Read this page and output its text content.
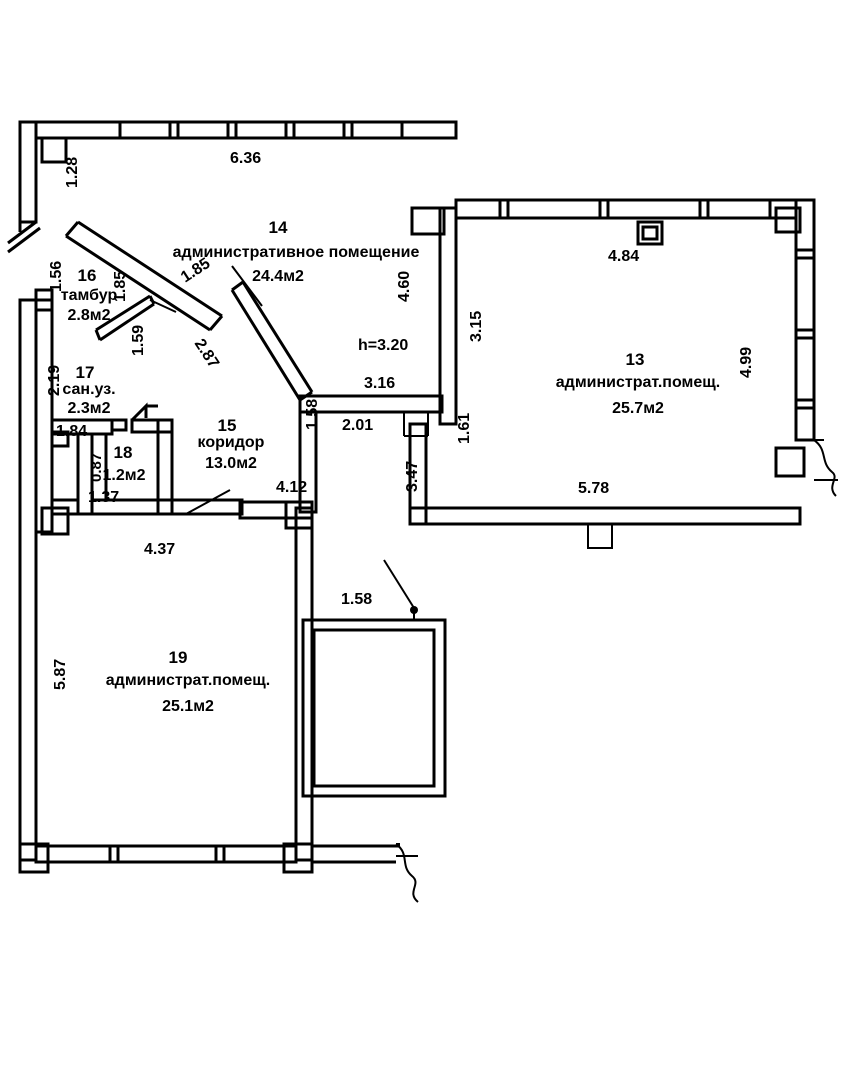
14
административное помещение
24.4м2
h=3.20
16
тамбур
2.8м2
17
сан.уз.
2.3м2
18
1.2м2
15
коридор
13.0м2
13
администрат.помещ.
25.7м2
19
администрат.помещ.
25.1м2
6.36
1.28
1.56	1.85
1.85
1.59
2.19
2.87
4.60
3.15
4.84
4.99
3.16
2.01
1.58	1.61
3.47	5.78
1.84
0.87
1.37
4.37
4.12
1.58
5.87
